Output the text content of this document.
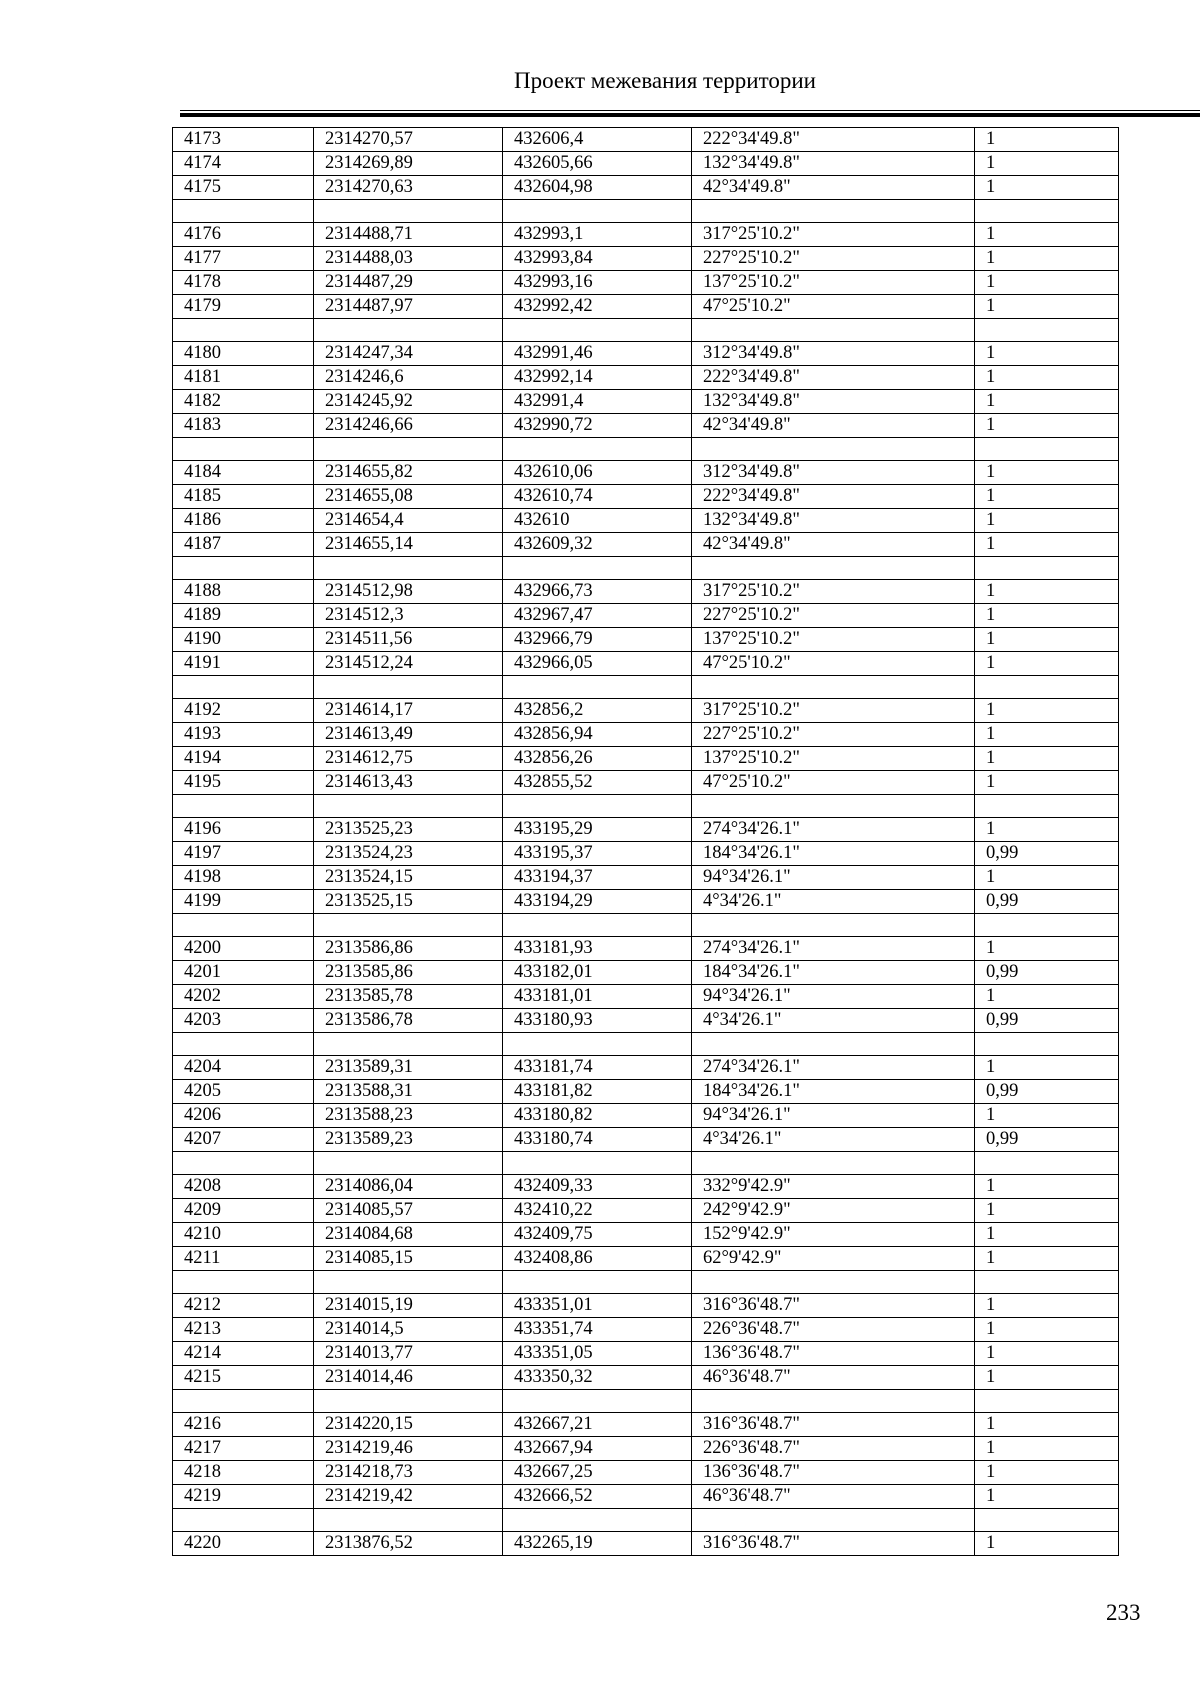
Проект межевания территории
4173	2314270,57	432606,4	222°34'49.8"	1
4174	2314269,89	432605,66	132°34'49.8"	1
4175	2314270,63	432604,98	42°34'49.8"	1

4176	2314488,71	432993,1	317°25'10.2"	1
4177	2314488,03	432993,84	227°25'10.2"	1
4178	2314487,29	432993,16	137°25'10.2"	1
4179	2314487,97	432992,42	47°25'10.2"	1

4180	2314247,34	432991,46	312°34'49.8"	1
4181	2314246,6	432992,14	222°34'49.8"	1
4182	2314245,92	432991,4	132°34'49.8"	1
4183	2314246,66	432990,72	42°34'49.8"	1

4184	2314655,82	432610,06	312°34'49.8"	1
4185	2314655,08	432610,74	222°34'49.8"	1
4186	2314654,4	432610	132°34'49.8"	1
4187	2314655,14	432609,32	42°34'49.8"	1

4188	2314512,98	432966,73	317°25'10.2"	1
4189	2314512,3	432967,47	227°25'10.2"	1
4190	2314511,56	432966,79	137°25'10.2"	1
4191	2314512,24	432966,05	47°25'10.2"	1

4192	2314614,17	432856,2	317°25'10.2"	1
4193	2314613,49	432856,94	227°25'10.2"	1
4194	2314612,75	432856,26	137°25'10.2"	1
4195	2314613,43	432855,52	47°25'10.2"	1

4196	2313525,23	433195,29	274°34'26.1"	1
4197	2313524,23	433195,37	184°34'26.1"	0,99
4198	2313524,15	433194,37	94°34'26.1"	1
4199	2313525,15	433194,29	4°34'26.1"	0,99

4200	2313586,86	433181,93	274°34'26.1"	1
4201	2313585,86	433182,01	184°34'26.1"	0,99
4202	2313585,78	433181,01	94°34'26.1"	1
4203	2313586,78	433180,93	4°34'26.1"	0,99

4204	2313589,31	433181,74	274°34'26.1"	1
4205	2313588,31	433181,82	184°34'26.1"	0,99
4206	2313588,23	433180,82	94°34'26.1"	1
4207	2313589,23	433180,74	4°34'26.1"	0,99

4208	2314086,04	432409,33	332°9'42.9"	1
4209	2314085,57	432410,22	242°9'42.9"	1
4210	2314084,68	432409,75	152°9'42.9"	1
4211	2314085,15	432408,86	62°9'42.9"	1

4212	2314015,19	433351,01	316°36'48.7"	1
4213	2314014,5	433351,74	226°36'48.7"	1
4214	2314013,77	433351,05	136°36'48.7"	1
4215	2314014,46	433350,32	46°36'48.7"	1

4216	2314220,15	432667,21	316°36'48.7"	1
4217	2314219,46	432667,94	226°36'48.7"	1
4218	2314218,73	432667,25	136°36'48.7"	1
4219	2314219,42	432666,52	46°36'48.7"	1

4220	2313876,52	432265,19	316°36'48.7"	1
233
